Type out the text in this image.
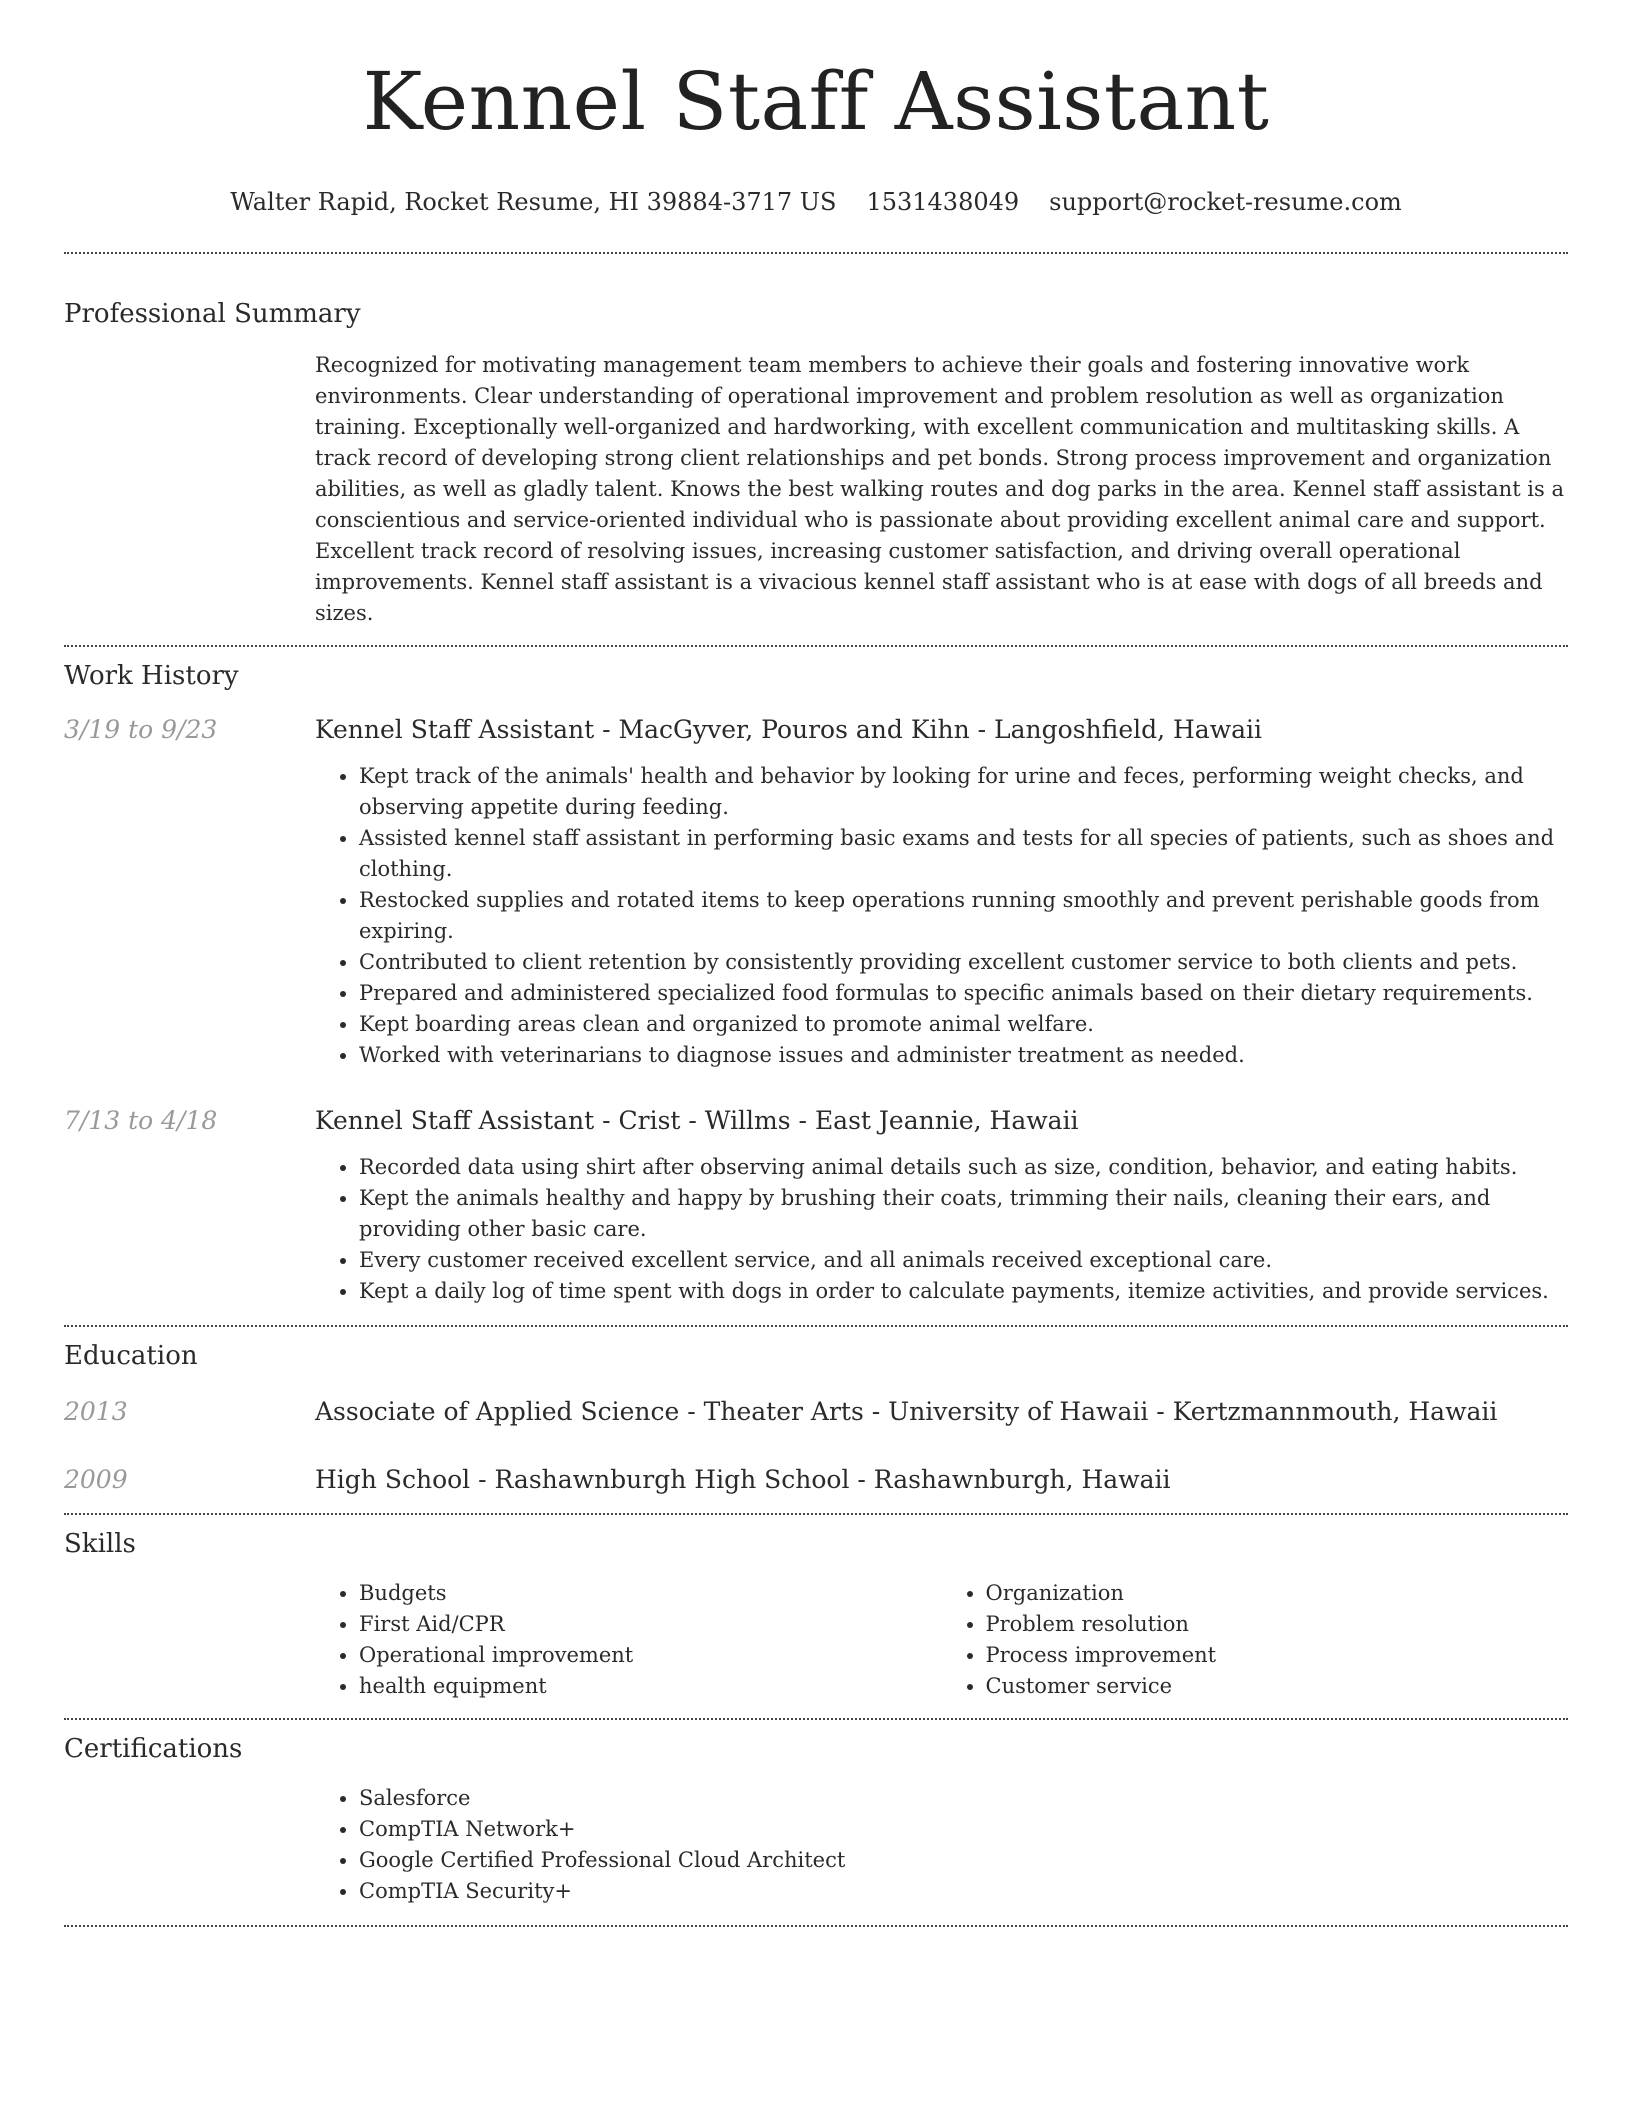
Kennel Staff Assistant
Walter Rapid, Rocket Resume, HI 39884-3717 US 1531438049 support@rocket-resume.com
Professional Summary

Recognized for motivating management team members to achieve their goals and fostering innovative work environments. Clear understanding of operational improvement and problem resolution as well as organization training. Exceptionally well-organized and hardworking, with excellent communication and multitasking skills. A track record of developing strong client relationships and pet bonds. Strong process improvement and organization abilities, as well as gladly talent. Knows the best walking routes and dog parks in the area. Kennel staff assistant is a conscientious and service-oriented individual who is passionate about providing excellent animal care and support. Excellent track record of resolving issues, increasing customer satisfaction, and driving overall operational improvements. Kennel staff assistant is a vivacious kennel staff assistant who is at ease with dogs of all breeds and sizes.

Work History
3/19 to 9/23	Kennel Staff Assistant - MacGyver, Pouros and Kihn - Langoshfield, Hawaii
• Kept track of the animals' health and behavior by looking for urine and feces, performing weight checks, and observing appetite during feeding.
• Assisted kennel staff assistant in performing basic exams and tests for all species of patients, such as shoes and clothing.
• Restocked supplies and rotated items to keep operations running smoothly and prevent perishable goods from expiring.
• Contributed to client retention by consistently providing excellent customer service to both clients and pets.
• Prepared and administered specialized food formulas to specific animals based on their dietary requirements.
• Kept boarding areas clean and organized to promote animal welfare.
• Worked with veterinarians to diagnose issues and administer treatment as needed.
7/13 to 4/18	Kennel Staff Assistant - Crist - Willms - East Jeannie, Hawaii
• Recorded data using shirt after observing animal details such as size, condition, behavior, and eating habits.
• Kept the animals healthy and happy by brushing their coats, trimming their nails, cleaning their ears, and providing other basic care.
• Every customer received excellent service, and all animals received exceptional care.
• Kept a daily log of time spent with dogs in order to calculate payments, itemize activities, and provide services.
Education
2013	Associate of Applied Science - Theater Arts - University of Hawaii - Kertzmannmouth, Hawaii
2009	High School - Rashawnburgh High School - Rashawnburgh, Hawaii
Skills
• Budgets
• First Aid/CPR
• Operational improvement
• health equipment
• Organization
• Problem resolution
• Process improvement
• Customer service
Certifications
• Salesforce
• CompTIA Network+
• Google Certified Professional Cloud Architect
• CompTIA Security+
